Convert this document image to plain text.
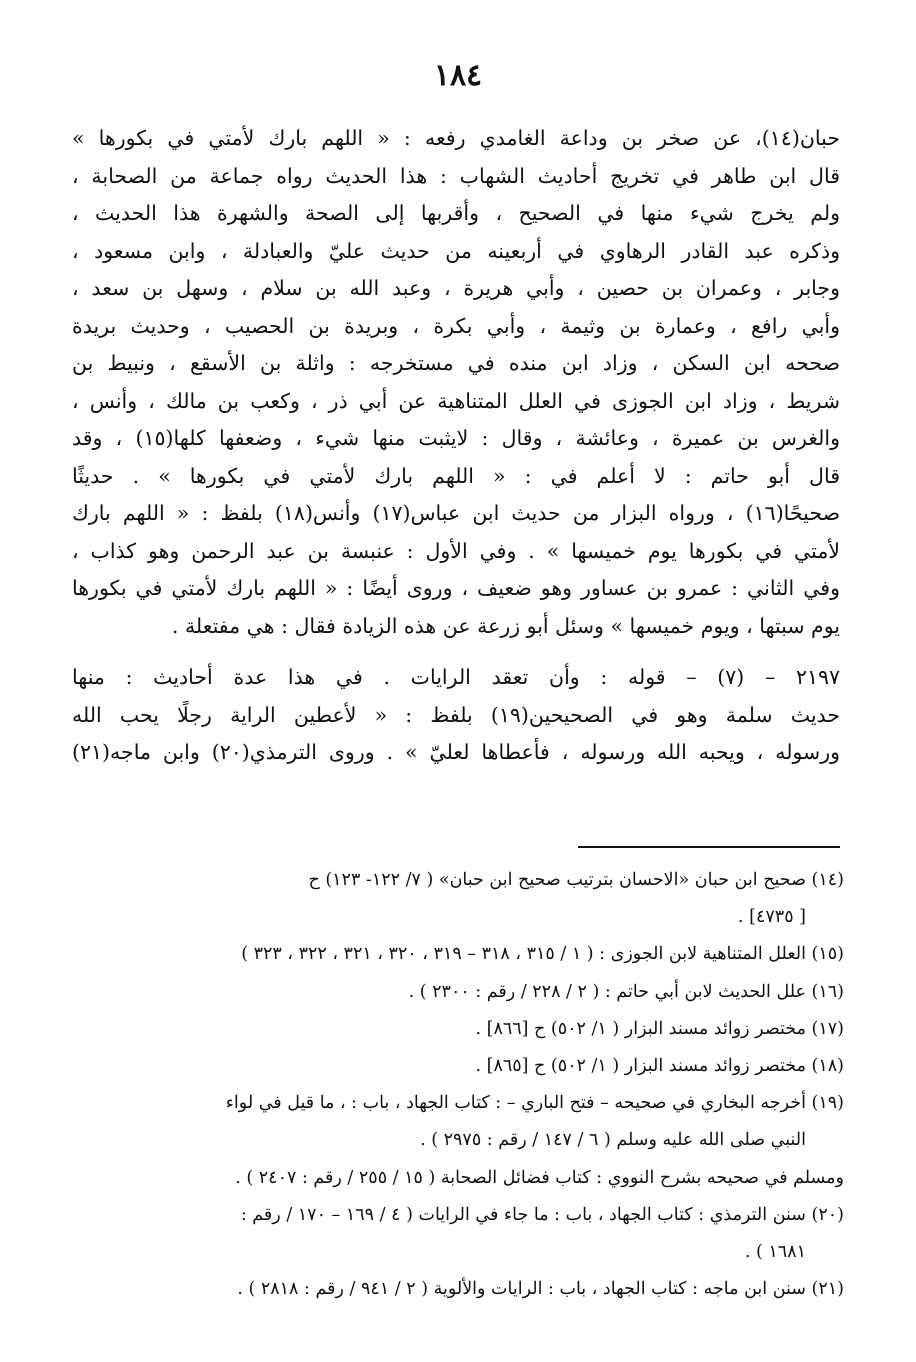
١٨٤
حبان(١٤)، عن صخر بن وداعة الغامدي رفعه : « اللهم بارك لأمتي في بكورها »
قال ابن طاهر في تخريج أحاديث الشهاب : هذا الحديث رواه جماعة من الصحابة ،
ولم يخرج شيء منها في الصحيح ، وأقربها إلى الصحة والشهرة هذا الحديث ،
وذكره عبد القادر الرهاوي في أربعينه من حديث عليّ والعبادلة ، وابن مسعود ،
وجابر ، وعمران بن حصين ، وأبي هريرة ، وعبد الله بن سلام ، وسهل بن سعد ،
وأبي رافع ، وعمارة بن وثيمة ، وأبي بكرة ، وبريدة بن الحصيب ، وحديث بريدة
صححه ابن السكن ، وزاد ابن منده في مستخرجه : واثلة بن الأسقع ، ونبيط بن
شريط ، وزاد ابن الجوزى في العلل المتناهية عن أبي ذر ، وكعب بن مالك ، وأنس ،
والغرس بن عميرة ، وعائشة ، وقال : لايثبت منها شيء ، وضعفها كلها(١٥) ، وقد
قال أبو حاتم : لا أعلم في : « اللهم بارك لأمتي في بكورها » . حديثًا
صحيحًا(١٦) ، ورواه البزار من حديث ابن عباس(١٧) وأنس(١٨) بلفظ : « اللهم بارك
لأمتي في بكورها يوم خميسها » . وفي الأول : عنبسة بن عبد الرحمن وهو كذاب ،
وفي الثاني : عمرو بن عساور وهو ضعيف ، وروى أيضًا : « اللهم بارك لأمتي في بكورها
يوم سبتها ، ويوم خميسها » وسئل أبو زرعة عن هذه الزيادة فقال : هي مفتعلة .
٢١٩٧ – (٧) – قوله : وأن تعقد الرايات . في هذا عدة أحاديث : منها
حديث سلمة وهو في الصحيحين(١٩) بلفظ : « لأعطين الراية رجلًا يحب الله
ورسوله ، ويحبه الله ورسوله ، فأعطاها لعليّ » . وروى الترمذي(٢٠) وابن ماجه(٢١)
(١٤) صحيح ابن حبان «الاحسان بترتيب صحيح ابن حبان» ( ٧/ ١٢٢- ١٢٣) ح
[ ٤٧٣٥] .
(١٥) العلل المتناهية لابن الجوزى : ( ١ / ٣١٥ ، ٣١٨ – ٣١٩ ، ٣٢٠ ، ٣٢١ ، ٣٢٢ ، ٣٢٣ )
(١٦) علل الحديث لابن أبي حاتم : ( ٢ / ٢٢٨ / رقم : ٢٣٠٠ ) .
(١٧) مختصر زوائد مسند البزار ( ١/ ٥٠٢) ح [٨٦٦] .
(١٨) مختصر زوائد مسند البزار ( ١/ ٥٠٢) ح [٨٦٥] .
(١٩) أخرجه البخاري في صحيحه – فتح الباري – : كتاب الجهاد ، باب : ، ما قيل في لواء
النبي صلى الله عليه وسلم ( ٦ / ١٤٧ / رقم : ٢٩٧٥ ) .
ومسلم في صحيحه بشرح النووي : كتاب فضائل الصحابة ( ١٥ / ٢٥٥ / رقم : ٢٤٠٧ ) .
(٢٠) سنن الترمذي : كتاب الجهاد ، باب : ما جاء في الرايات ( ٤ / ١٦٩ – ١٧٠ / رقم :
١٦٨١ ) .
(٢١) سنن ابن ماجه : كتاب الجهاد ، باب : الرايات والألوية ( ٢ / ٩٤١ / رقم : ٢٨١٨ ) .
